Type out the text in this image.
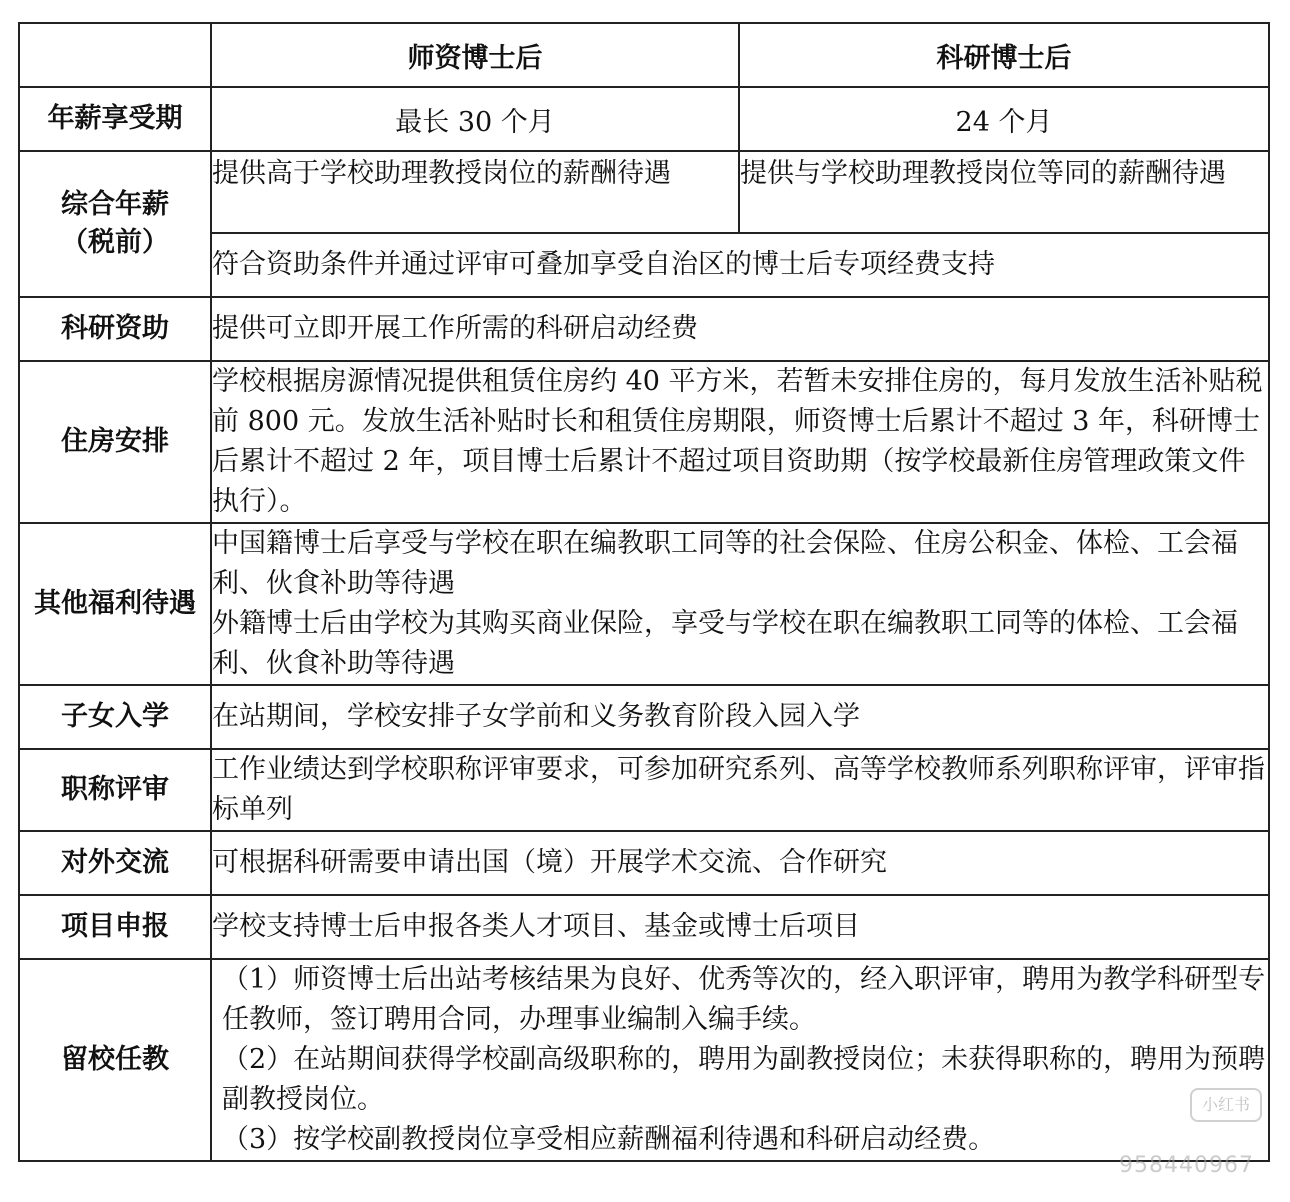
	师资博士后	科研博士后
年薪享受期	最长 30 个月	24 个月
综合年薪（税前）	提供高于学校助理教授岗位的薪酬待遇	提供与学校助理教授岗位等同的薪酬待遇
	符合资助条件并通过评审可叠加享受自治区的博士后专项经费支持	
科研资助	提供可立即开展工作所需的科研启动经费	
住房安排	学校根据房源情况提供租赁住房约 40 平方米，若暂未安排住房的，每月发放生活补贴税前 800 元。发放生活补贴时长和租赁住房期限，师资博士后累计不超过 3 年，科研博士后累计不超过 2 年，项目博士后累计不超过项目资助期（按学校最新住房管理政策文件执行）。	
其他福利待遇	中国籍博士后享受与学校在职在编教职工同等的社会保险、住房公积金、体检、工会福利、伙食补助等待遇

外籍博士后由学校为其购买商业保险，享受与学校在职在编教职工同等的体检、工会福利、伙食补助等待遇	

子女入学	在站期间，学校安排子女学前和义务教育阶段入园入学	
职称评审	工作业绩达到学校职称评审要求，可参加研究系列、高等学校教师系列职称评审，评审指标单列	
对外交流	可根据科研需要申请出国（境）开展学术交流、合作研究	
项目申报	学校支持博士后申报各类人才项目、基金或博士后项目	
留校任教	（1）师资博士后出站考核结果为良好、优秀等次的，经入职评审，聘用为教学科研型专任教师，签订聘用合同，办理事业编制入编手续。

（2）在站期间获得学校副高级职称的，聘用为副教授岗位；未获得职称的，聘用为预聘副教授岗位。

（3）按学校副教授岗位享受相应薪酬福利待遇和科研启动经费。	

小红书
958440967
